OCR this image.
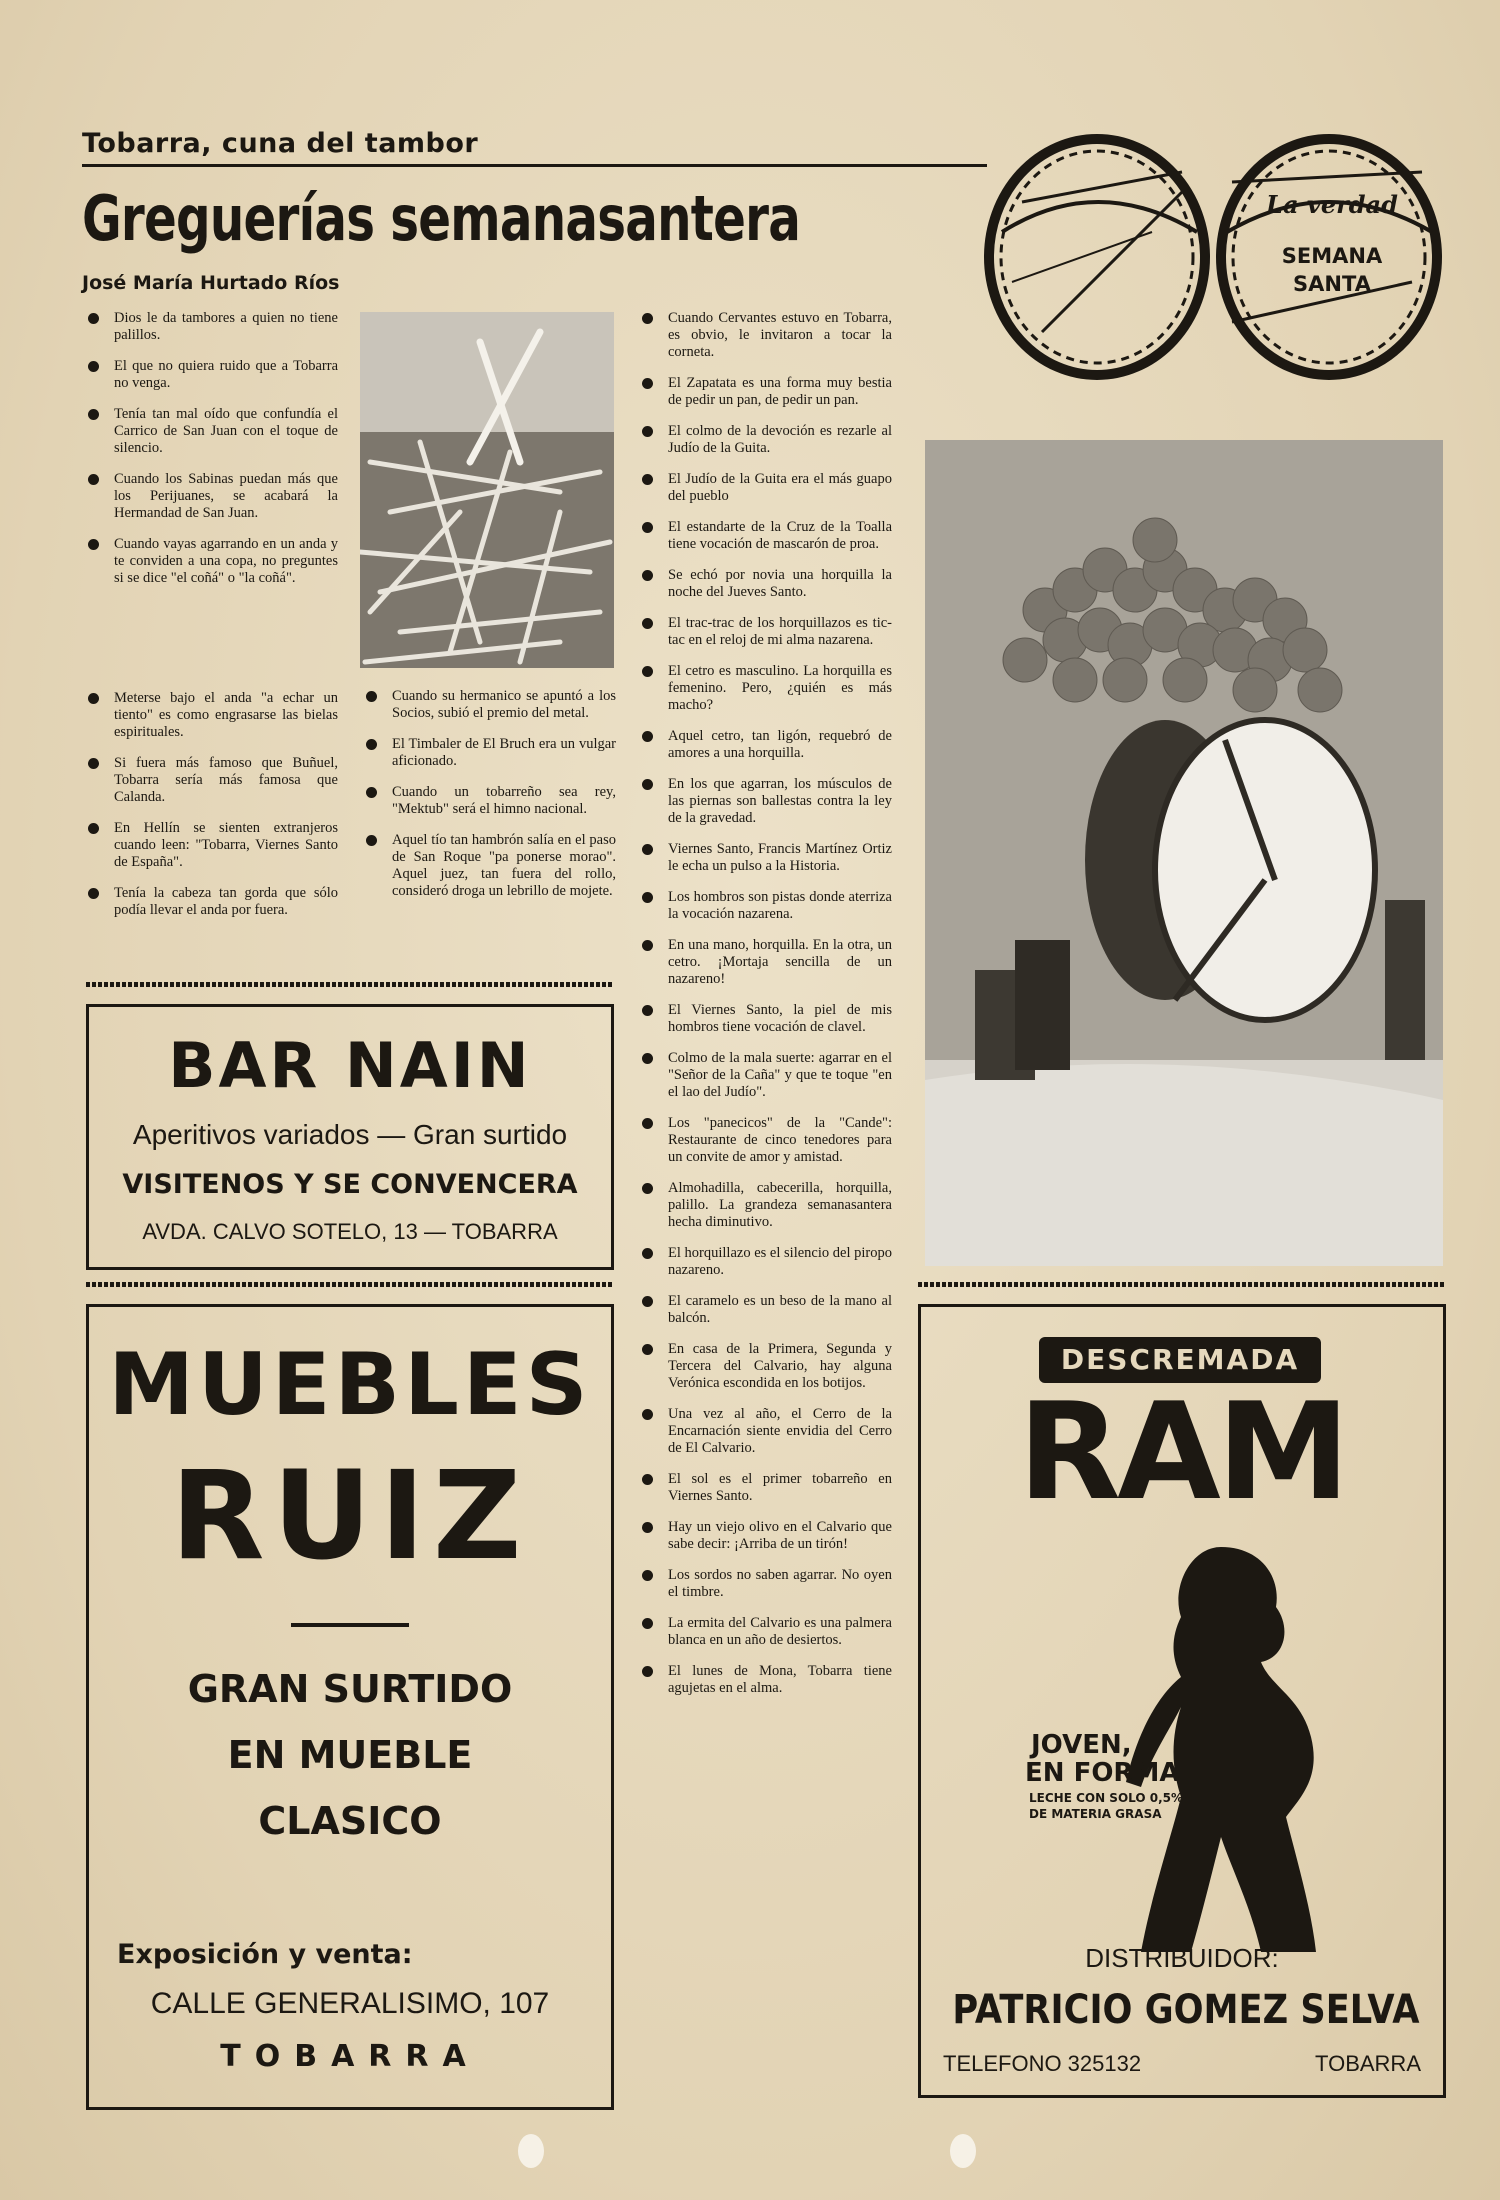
Tobarra, cuna del tambor
Greguerías semanasantera
José María Hurtado Ríos
La verdad
SEMANA
SANTA
Dios le da tambores a quien no tiene palillos.
El que no quiera ruido que a Tobarra no venga.
Tenía tan mal oído que confundía el Carrico de San Juan con el toque de silencio.
Cuando los Sabinas puedan más que los Perijuanes, se acabará la Hermandad de San Juan.
Cuando vayas agarrando en un anda y te conviden a una copa, no preguntes si se dice "el coñá" o "la coñá".
Meterse bajo el anda "a echar un tiento" es como engrasarse las bielas espirituales.
Si fuera más famoso que Buñuel, Tobarra sería más famosa que Calanda.
En Hellín se sienten extranjeros cuando leen: "Tobarra, Viernes Santo de España".
Tenía la cabeza tan gorda que sólo podía llevar el anda por fuera.
Cuando su hermanico se apuntó a los Socios, subió el premio del metal.
El Timbaler de El Bruch era un vulgar aficionado.
Cuando un tobarreño sea rey, "Mektub" será el himno nacional.
Aquel tío tan hambrón salía en el paso de San Roque "pa ponerse morao". Aquel juez, tan fuera del rollo, consideró droga un lebrillo de mojete.
Cuando Cervantes estuvo en Tobarra, es obvio, le invitaron a tocar la corneta.
El Zapatata es una forma muy bestia de pedir un pan, de pedir un pan.
El colmo de la devoción es rezarle al Judío de la Guita.
El Judío de la Guita era el más guapo del pueblo
El estandarte de la Cruz de la Toalla tiene vocación de mascarón de proa.
Se echó por novia una horquilla la noche del Jueves Santo.
El trac-trac de los horquillazos es tic-tac en el reloj de mi alma nazarena.
El cetro es masculino. La horquilla es femenino. Pero, ¿quién es más macho?
Aquel cetro, tan ligón, requebró de amores a una horquilla.
En los que agarran, los músculos de las piernas son ballestas contra la ley de la gravedad.
Viernes Santo, Francis Martínez Ortiz le echa un pulso a la Historia.
Los hombros son pistas donde aterriza la vocación nazarena.
En una mano, horquilla. En la otra, un cetro. ¡Mortaja sencilla de un nazareno!
El Viernes Santo, la piel de mis hombros tiene vocación de clavel.
Colmo de la mala suerte: agarrar en el "Señor de la Caña" y que te toque "en el lao del Judío".
Los "panecicos" de la "Cande": Restaurante de cinco tenedores para un convite de amor y amistad.
Almohadilla, cabecerilla, horquilla, palillo. La grandeza semanasantera hecha diminutivo.
El horquillazo es el silencio del piropo nazareno.
El caramelo es un beso de la mano al balcón.
En casa de la Primera, Segunda y Tercera del Calvario, hay alguna Verónica escondida en los botijos.
Una vez al año, el Cerro de la Encarnación siente envidia del Cerro de El Calvario.
El sol es el primer tobarreño en Viernes Santo.
Hay un viejo olivo en el Calvario que sabe decir: ¡Arriba de un tirón!
Los sordos no saben agarrar. No oyen el timbre.
La ermita del Calvario es una palmera blanca en un año de desiertos.
El lunes de Mona, Tobarra tiene agujetas en el alma.
BAR NAIN
Aperitivos variados — Gran surtido
VISITENOS Y SE CONVENCERA
AVDA. CALVO SOTELO, 13 — TOBARRA
MUEBLES
RUIZ
GRAN SURTIDO
EN MUEBLE
CLASICO
Exposición y venta:
CALLE GENERALISIMO, 107
TOBARRA
DESCREMADA
RAM
JOVEN,
EN FORMA
LECHE CON SOLO 0,5%
DE MATERIA GRASA
DISTRIBUIDOR:
PATRICIO GOMEZ SELVA
TELEFONO 325132	TOBARRA
